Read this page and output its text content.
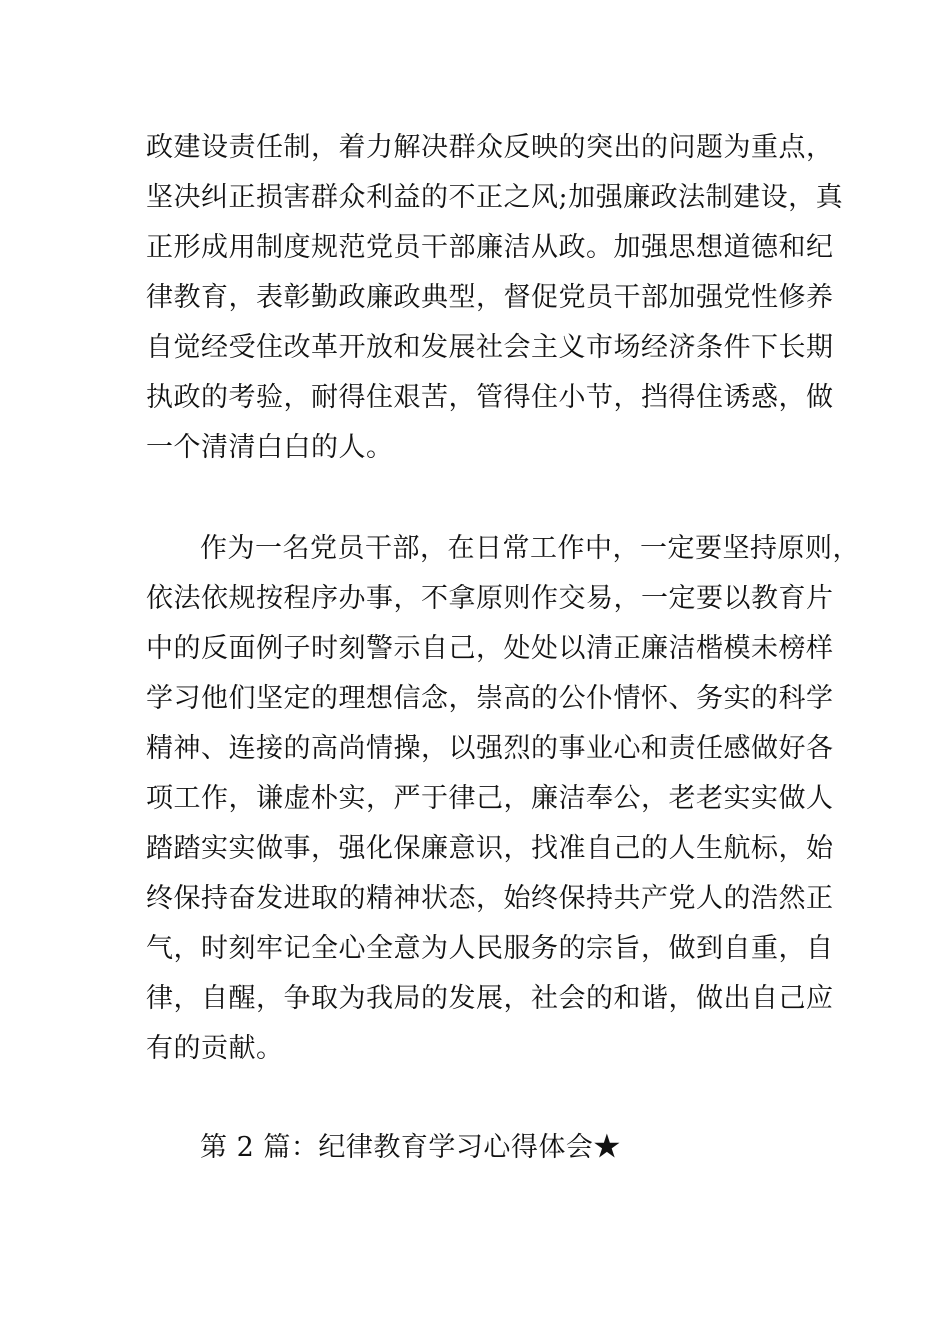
政建设责任制，着力解决群众反映的突出的问题为重点，
坚决纠正损害群众利益的不正之风;加强廉政法制建设，真
正形成用制度规范党员干部廉洁从政。加强思想道德和纪
律教育，表彰勤政廉政典型，督促党员干部加强党性修养
自觉经受住改革开放和发展社会主义市场经济条件下长期
执政的考验，耐得住艰苦，管得住小节，挡得住诱惑，做
一个清清白白的人。
作为一名党员干部，在日常工作中，一定要坚持原则，
依法依规按程序办事，不拿原则作交易，一定要以教育片
中的反面例子时刻警示自己，处处以清正廉洁楷模未榜样
学习他们坚定的理想信念，崇高的公仆情怀、务实的科学
精神、连接的高尚情操，以强烈的事业心和责任感做好各
项工作，谦虚朴实，严于律己，廉洁奉公，老老实实做人
踏踏实实做事，强化保廉意识，找准自己的人生航标，始
终保持奋发进取的精神状态，始终保持共产党人的浩然正
气，时刻牢记全心全意为人民服务的宗旨，做到自重，自
律，自醒，争取为我局的发展，社会的和谐，做出自己应
有的贡献。
第 2 篇：纪律教育学习心得体会★
